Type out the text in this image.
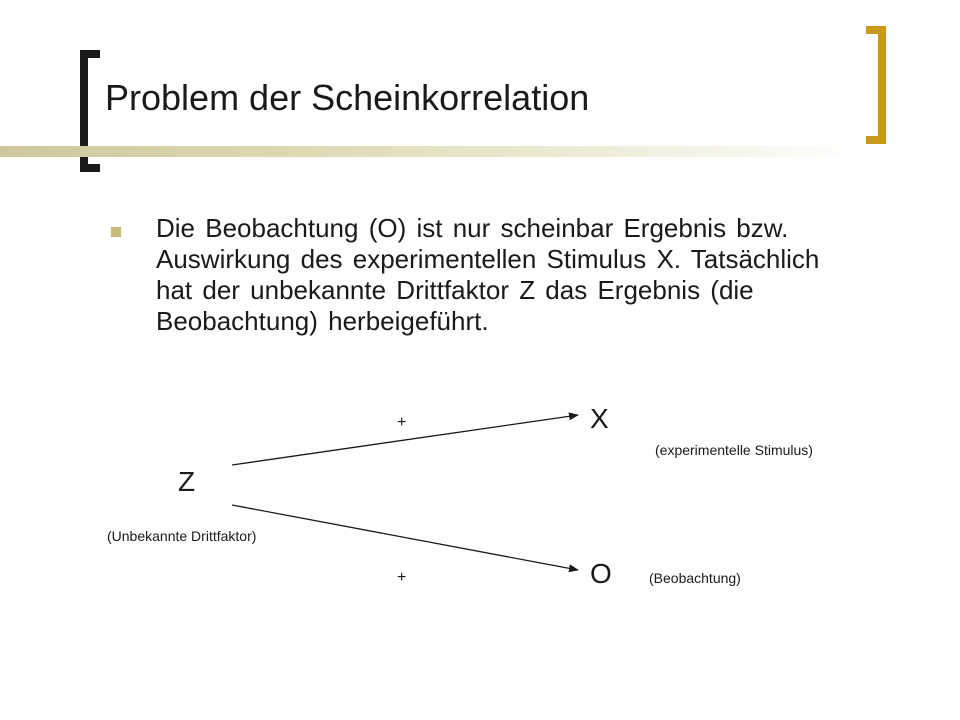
Problem der Scheinkorrelation

Die Beobachtung (O) ist nur scheinbar Ergebnis bzw. Auswirkung des experimentellen Stimulus X. Tatsächlich hat der unbekannte Drittfaktor Z das Ergebnis (die Beobachtung) herbeigeführt.

+
+
X
(experimentelle Stimulus)
Z
(Unbekannte Drittfaktor)
O	(Beobachtung)
